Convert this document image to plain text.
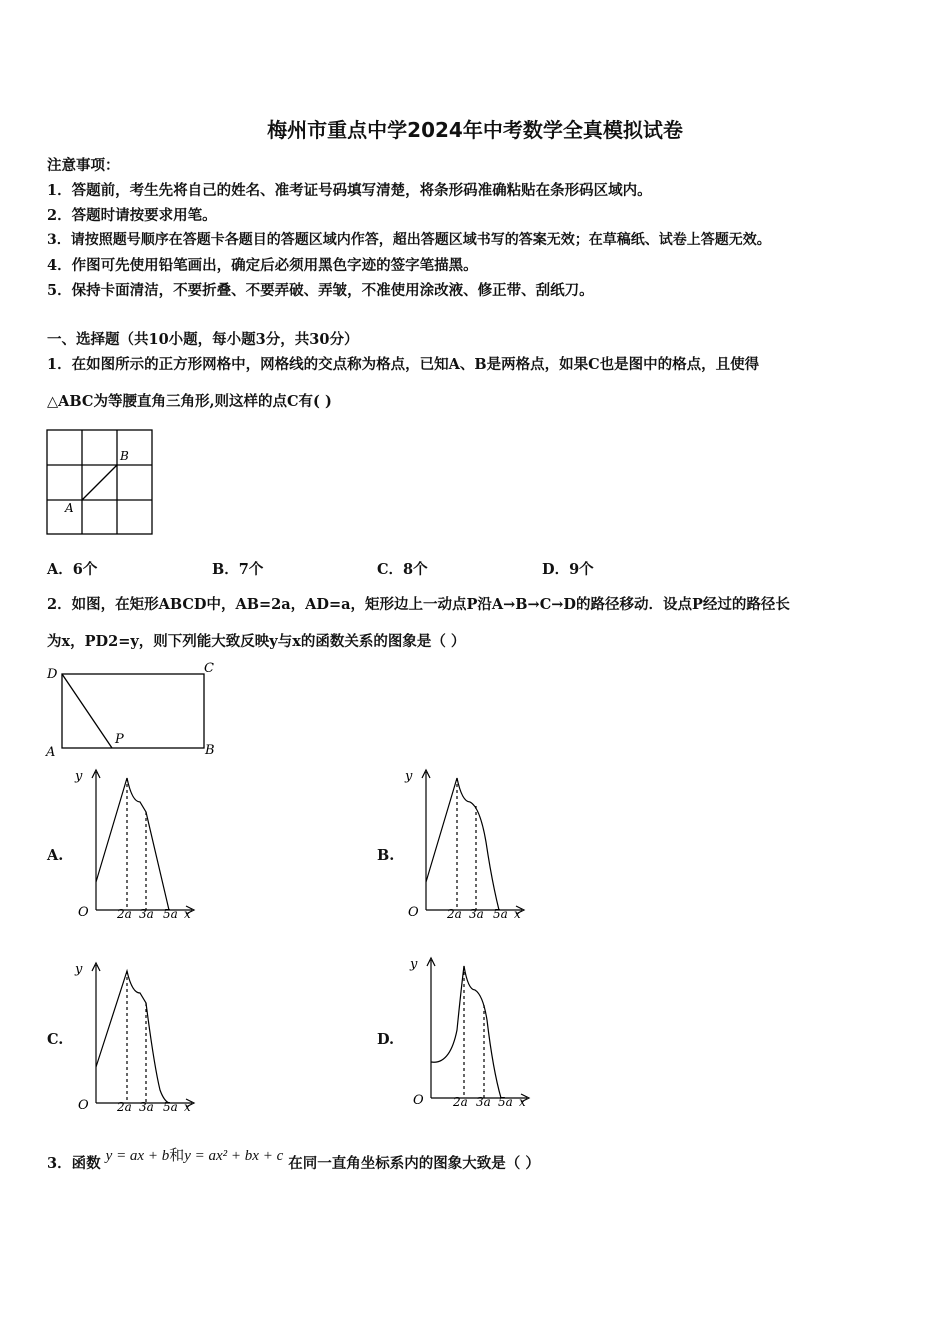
梅州市重点中学2024年中考数学全真模拟试卷
注意事项：
1．答题前，考生先将自己的姓名、准考证号码填写清楚，将条形码准确粘贴在条形码区域内。
2．答题时请按要求用笔。
3．请按照题号顺序在答题卡各题目的答题区域内作答，超出答题区域书写的答案无效；在草稿纸、试卷上答题无效。
4．作图可先使用铅笔画出，确定后必须用黑色字迹的签字笔描黑。
5．保持卡面清洁，不要折叠、不要弄破、弄皱，不准使用涂改液、修正带、刮纸刀。
一、选择题（共10小题，每小题3分，共30分）
1．在如图所示的正方形网格中，网格线的交点称为格点，已知A、B是两格点，如果C也是图中的格点，且使得
△ABC为等腰直角三角形,则这样的点C有( )
A
B
A．6个	B．7个	C．8个	D．9个
2．如图，在矩形ABCD中，AB=2a，AD=a，矩形边上一动点P沿A→B→C→D的路径移动．设点P经过的路径长
为x，PD2=y，则下列能大致反映y与x的函数关系的图象是（ ）
D	C
A	B
P
A.	B.
C.	D.
y
O 2a 3a 5a x
y
O 2a 3a 5a x
y
O 2a 3a 5a x
y
O 2a 3a 5a x
3．函数 y = ax + b和y = ax² + bx + c 在同一直角坐标系内的图象大致是（ ）
